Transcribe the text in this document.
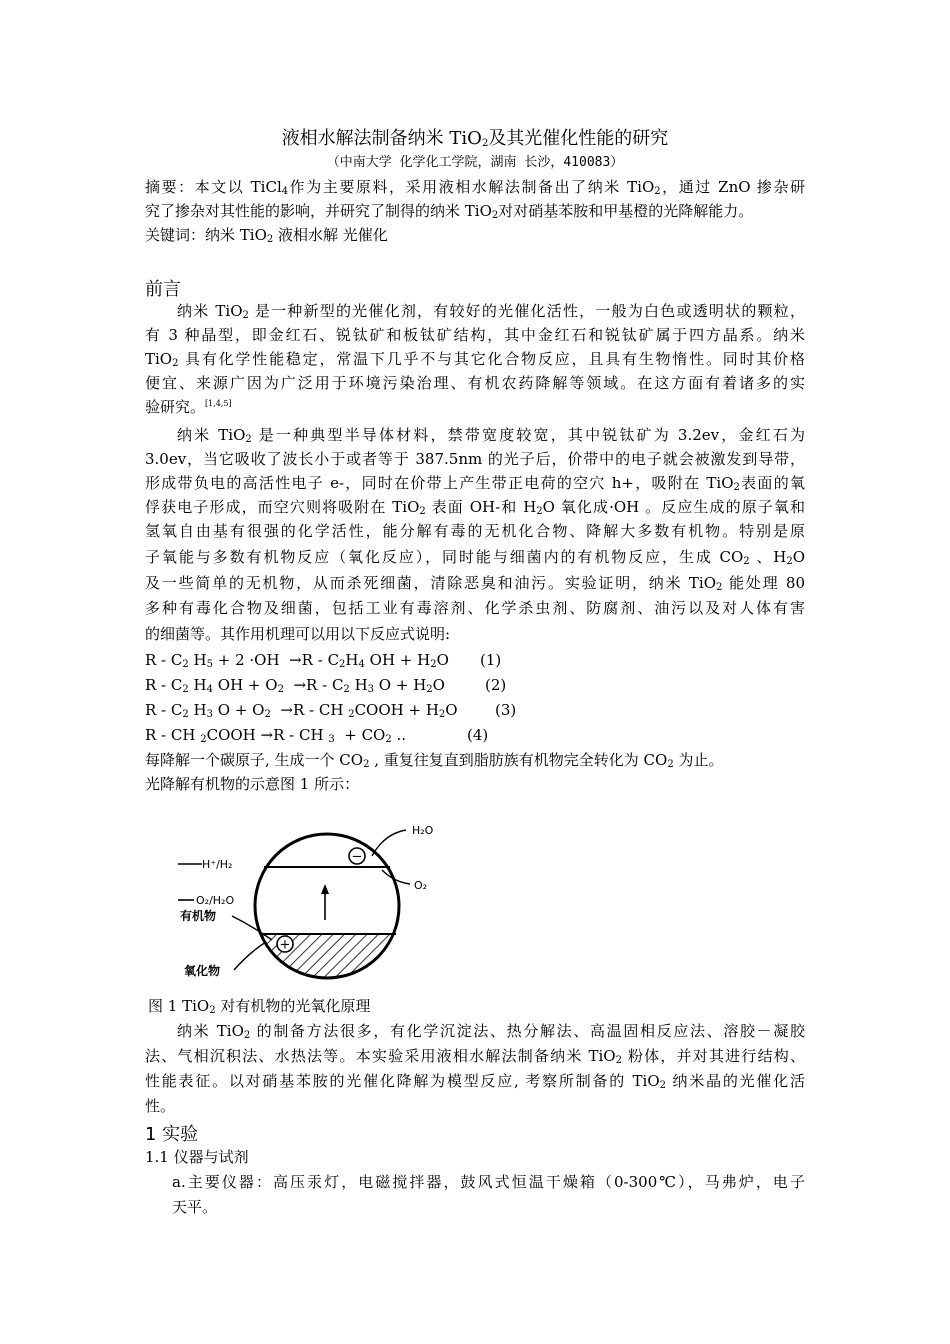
液相水解法制备纳米 TiO$_2$及其光催化性能的研究
（中南大学 化学化工学院，湖南 长沙，410083）
摘要：本文以 TiCl$_4$作为主要原料，采用液相水解法制备出了纳米 TiO$_2$，通过 ZnO 掺杂研
究了掺杂对其性能的影响，并研究了制得的纳米 TiO$_2$对对硝基苯胺和甲基橙的光降解能力。
关键词：纳米 TiO$_2$ 液相水解 光催化
前言
纳米 TiO$_2$ 是一种新型的光催化剂，有较好的光催化活性，一般为白色或透明状的颗粒，
有 3 种晶型，即金红石、锐钛矿和板钛矿结构，其中金红石和锐钛矿属于四方晶系。纳米
TiO$_2$ 具有化学性能稳定，常温下几乎不与其它化合物反应，且具有生物惰性。同时其价格
便宜、来源广因为广泛用于环境污染治理、有机农药降解等领域。在这方面有着诸多的实
验研究。[1,4,5]
纳米 TiO$_2$ 是一种典型半导体材料，禁带宽度较宽，其中锐钛矿为 3.2ev，金红石为
3.0ev，当它吸收了波长小于或者等于 387.5nm 的光子后，价带中的电子就会被激发到导带，
形成带负电的高活性电子 e-，同时在价带上产生带正电荷的空穴 h+，吸附在 TiO$_2$表面的氧
俘获电子形成，而空穴则将吸附在 TiO$_2$ 表面 OH-和 $H_2O$ 氧化成·OH 。反应生成的原子氧和
氢氧自由基有很强的化学活性，能分解有毒的无机化合物、降解大多数有机物。特别是原
子氧能与多数有机物反应（氧化反应），同时能与细菌内的有机物反应，生成 $CO_2$ 、$H_2O$
及一些简单的无机物，从而杀死细菌，清除恶臭和油污。实验证明，纳米 TiO$_2$ 能处理 80
多种有毒化合物及细菌，包括工业有毒溶剂、化学杀虫剂、防腐剂、油污以及对人体有害
的细菌等。其作用机理可以用以下反应式说明:
R - $C_2$ $H_5 + 2 \cdot OH \to R - C_2H_4$ OH + $H_2O$ (1)
R - $C_2$ $H_4$ OH + $O_2 \to R - C_2$ $H_3$ $O + H_2O$	(2)
R - $C_2$ $H_3$ $O + O_2 \to R$ - CH $_2$COOH + $H_2O$ (3)
R - CH $_2$COOH →R - CH $_3 + CO_2$ ..	(4)
每降解一个碳原子, 生成一个 $CO_2$ , 重复往复直到脂肪族有机物完全转化为 $CO_2$ 为止。
光降解有机物的示意图 1 所示：
−
+
H⁺/H₂
O₂/H₂O
有机物
氧化物
H₂O
O₂
图 1 TiO$_2$ 对有机物的光氧化原理
纳米 TiO$_2$ 的制备方法很多，有化学沉淀法、热分解法、高温固相反应法、溶胶－凝胶
法、气相沉积法、水热法等。本实验采用液相水解法制备纳米 TiO$_2$ 粉体，并对其进行结构、
性能表征。以对硝基苯胺的光催化降解为模型反应, 考察所制备的 TiO$_2$ 纳米晶的光催化活
性。
1 实验
1.1 仪器与试剂
a.主要仪器：高压汞灯，电磁搅拌器，鼓风式恒温干燥箱（0-300℃），马弗炉，电子
天平。
